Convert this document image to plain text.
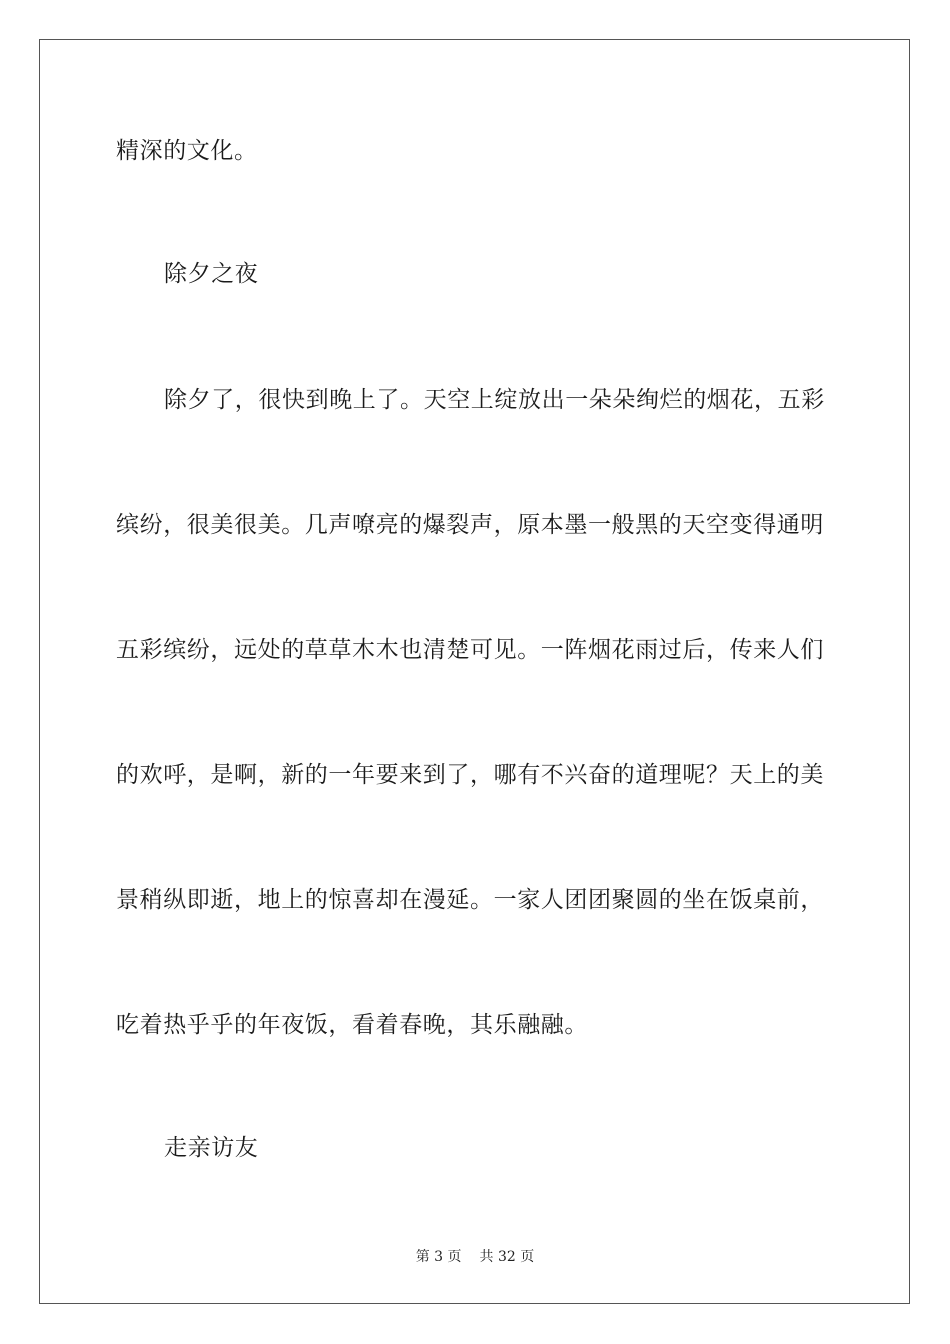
精深的文化。
除夕之夜
除夕了，很快到晚上了。天空上绽放出一朵朵绚烂的烟花，五彩
缤纷，很美很美。几声嘹亮的爆裂声，原本墨一般黑的天空变得通明
五彩缤纷，远处的草草木木也清楚可见。一阵烟花雨过后，传来人们
的欢呼，是啊，新的一年要来到了，哪有不兴奋的道理呢？天上的美
景稍纵即逝，地上的惊喜却在漫延。一家人团团聚圆的坐在饭桌前，
吃着热乎乎的年夜饭，看着春晚，其乐融融。
走亲访友
第 3 页 共 32 页
